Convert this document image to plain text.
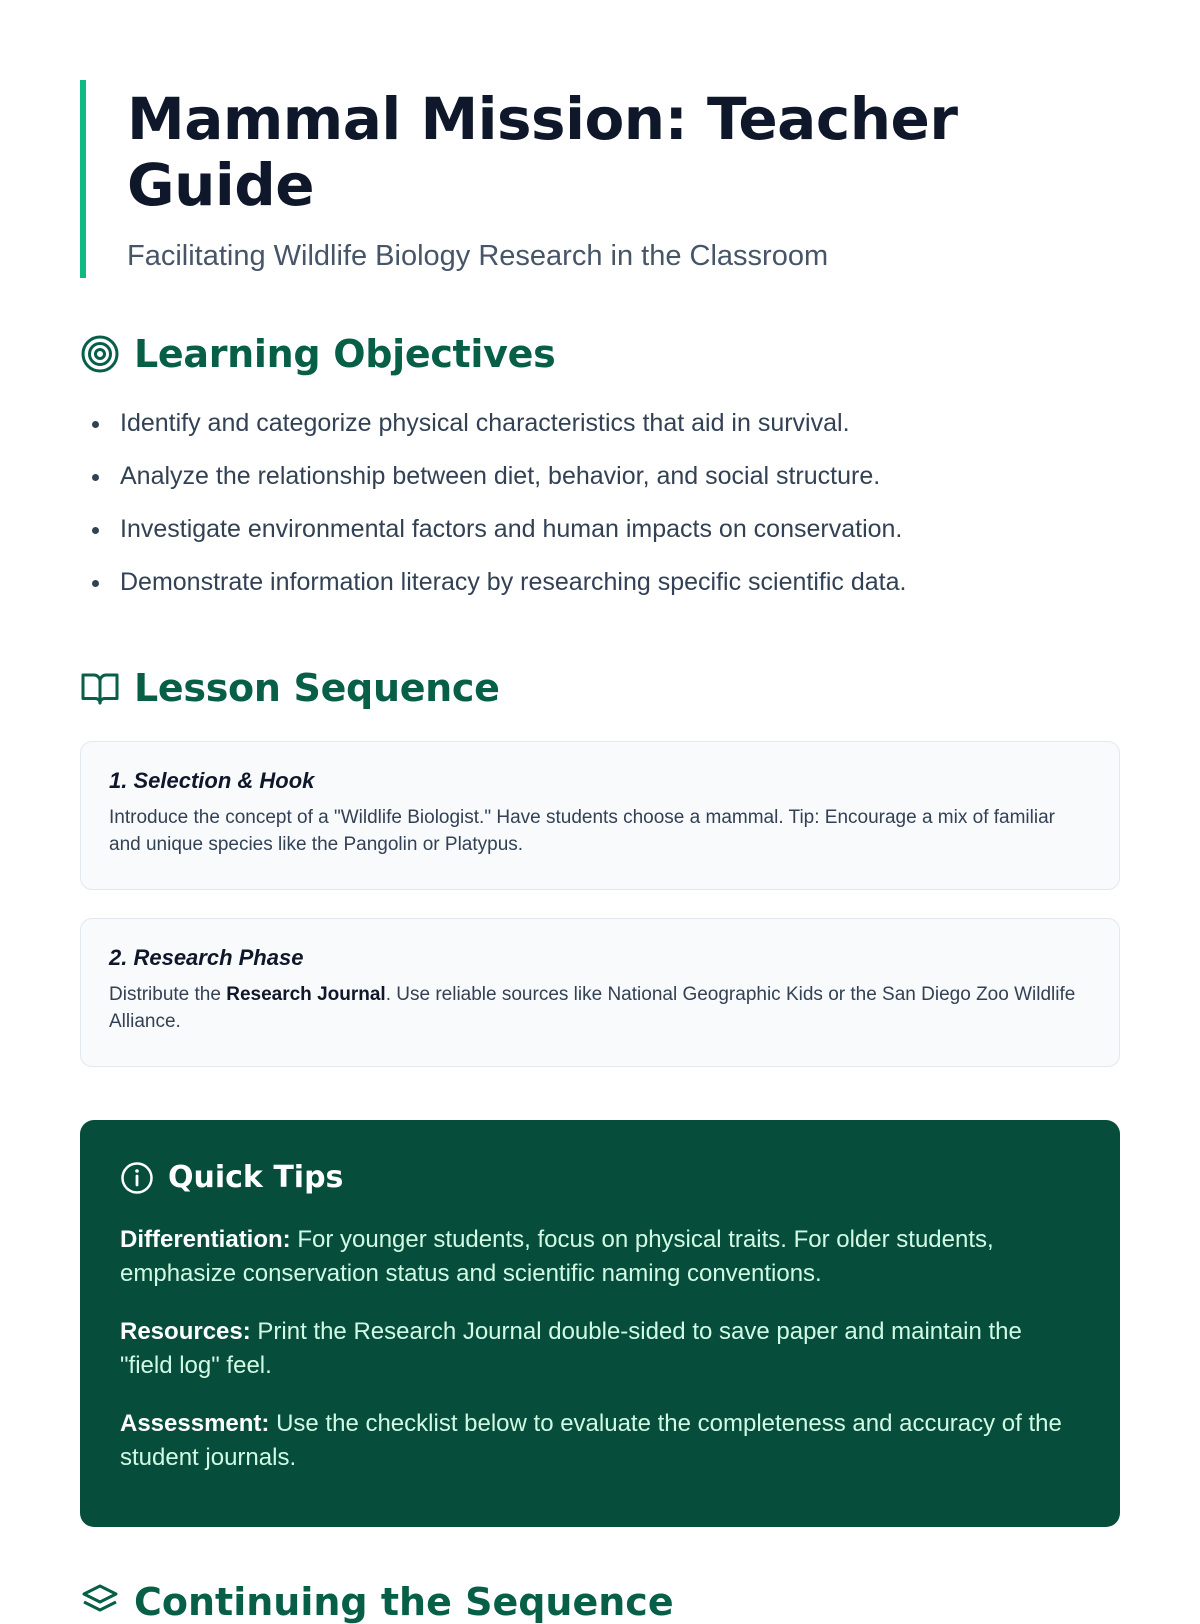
Mammal Mission: Teacher Guide
Facilitating Wildlife Biology Research in the Classroom
Learning Objectives
Identify and categorize physical characteristics that aid in survival.
Analyze the relationship between diet, behavior, and social structure.
Investigate environmental factors and human impacts on conservation.
Demonstrate information literacy by researching specific scientific data.
Lesson Sequence
1. Selection & Hook
Introduce the concept of a "Wildlife Biologist." Have students choose a mammal. Tip: Encourage a mix of familiar and unique species like the Pangolin or Platypus.
2. Research Phase
Distribute the Research Journal. Use reliable sources like National Geographic Kids or the San Diego Zoo Wildlife Alliance.
Quick Tips

Differentiation: For younger students, focus on physical traits. For older students, emphasize conservation status and scientific naming conventions.

Resources: Print the Research Journal double-sided to save paper and maintain the "field log" feel.

Assessment: Use the checklist below to evaluate the completeness and accuracy of the student journals.

Continuing the Sequence
